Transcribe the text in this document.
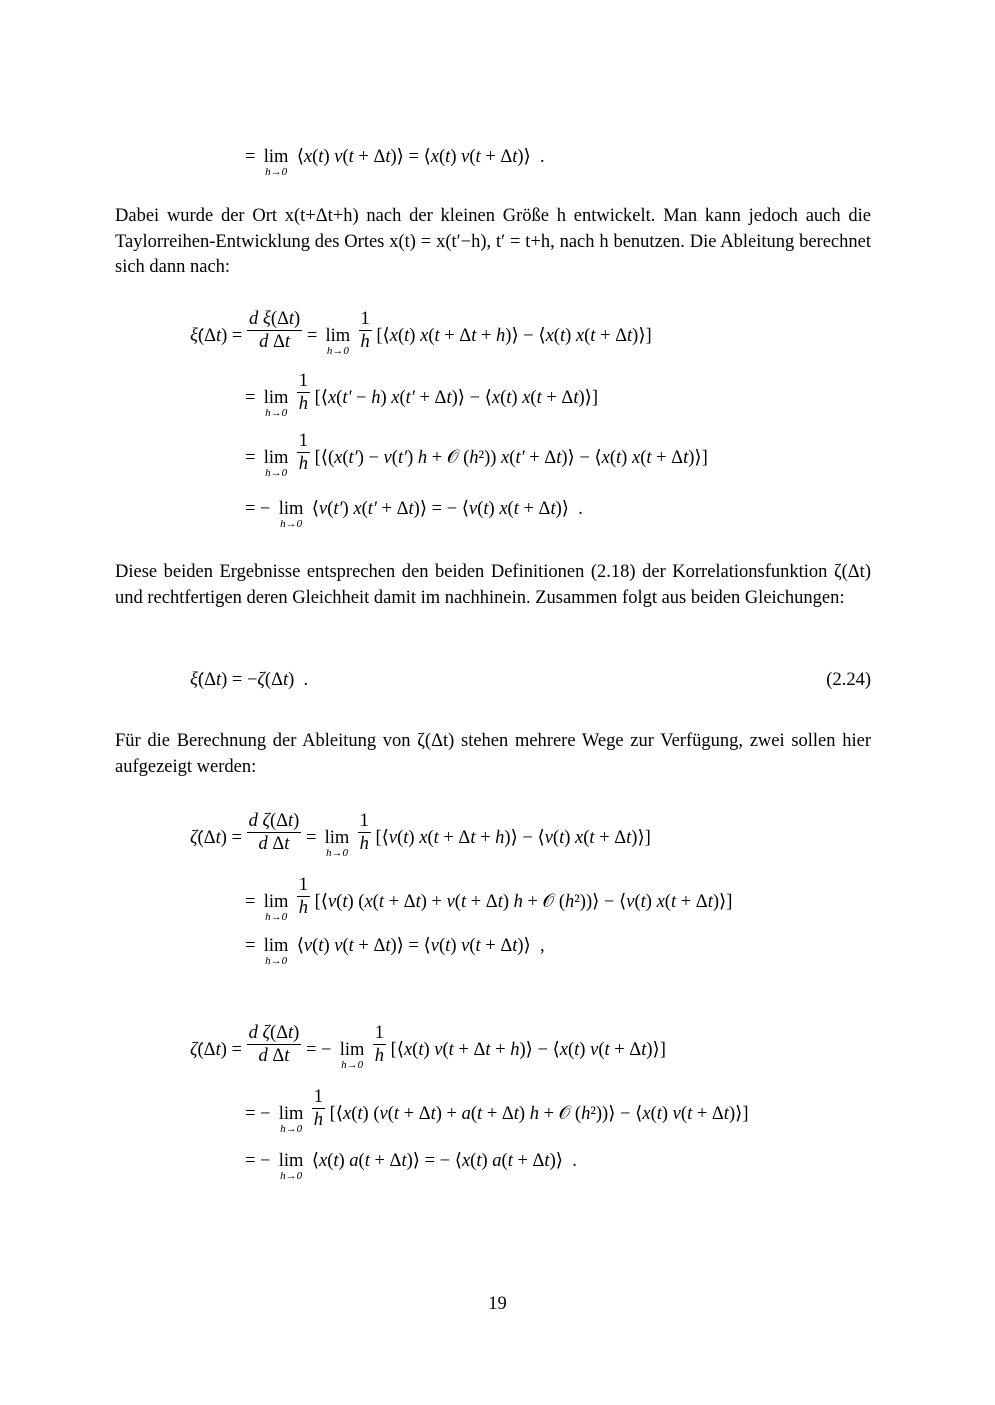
= lim
h→0
⟨x(t) v(t + Δt)⟩ = ⟨x(t) v(t + Δt)⟩  .
Dabei wurde der Ort x(t+Δt+h) nach der kleinen Größe h entwickelt. Man kann jedoch auch die Taylorreihen-Entwicklung des Ortes x(t) = x(t′−h), t′ = t+h, nach h benutzen. Die Ableitung berechnet sich dann nach:
ξ̇(Δt) = $\frac{\text{d ξ(Δt)}}{\text{d Δt}} = \lim$
h→0
$\frac{1}{h}$ [⟨x(t) x(t + Δt + h)⟩ − ⟨x(t) x(t + Δt)⟩]
= lim
h→0
$\frac{1}{h}$ [⟨x(t′ − h) x(t′ + Δt)⟩ − ⟨x(t) x(t + Δt)⟩]
= lim
h→0
$\frac{1}{h}$ [⟨(x(t′) − v(t′) h + 𝒪 (h²)) x(t′ + Δt)⟩ − ⟨x(t) x(t + Δt)⟩]
= − lim
h→0
⟨v(t′) x(t′ + Δt)⟩ = − ⟨v(t) x(t + Δt)⟩  .
Diese beiden Ergebnisse entsprechen den beiden Definitionen (2.18) der Korrelationsfunktion ζ(Δt) und rechtfertigen deren Gleichheit damit im nachhinein. Zusammen folgt aus beiden Gleichungen:
ξ̇(Δt) = −ζ(Δt)  .	(2.24)
Für die Berechnung der Ableitung von ζ(Δt) stehen mehrere Wege zur Verfügung, zwei sollen hier aufgezeigt werden:
ζ̇(Δt) = $\frac{\text{d ζ(Δt)}}{\text{d Δt}} = \lim$
h→0
$\frac{1}{h}$ [⟨v(t) x(t + Δt + h)⟩ − ⟨v(t) x(t + Δt)⟩]
= lim
h→0
$\frac{1}{h}$ [⟨v(t) (x(t + Δt) + v(t + Δt) h + 𝒪 (h²))⟩ − ⟨v(t) x(t + Δt)⟩]
= lim
h→0
⟨v(t) v(t + Δt)⟩ = ⟨v(t) v(t + Δt)⟩  ,
ζ̇(Δt) = $\frac{\text{d ζ(Δt)}}{\text{d Δt}}$ = − lim
h→0
$\frac{1}{h}$ [⟨x(t) v(t + Δt + h)⟩ − ⟨x(t) v(t + Δt)⟩]
= − lim
h→0
$\frac{1}{h}$ [⟨x(t) (v(t + Δt) + a(t + Δt) h + 𝒪 (h²))⟩ − ⟨x(t) v(t + Δt)⟩]
= − lim
h→0
⟨x(t) a(t + Δt)⟩ = − ⟨x(t) a(t + Δt)⟩  .
19
